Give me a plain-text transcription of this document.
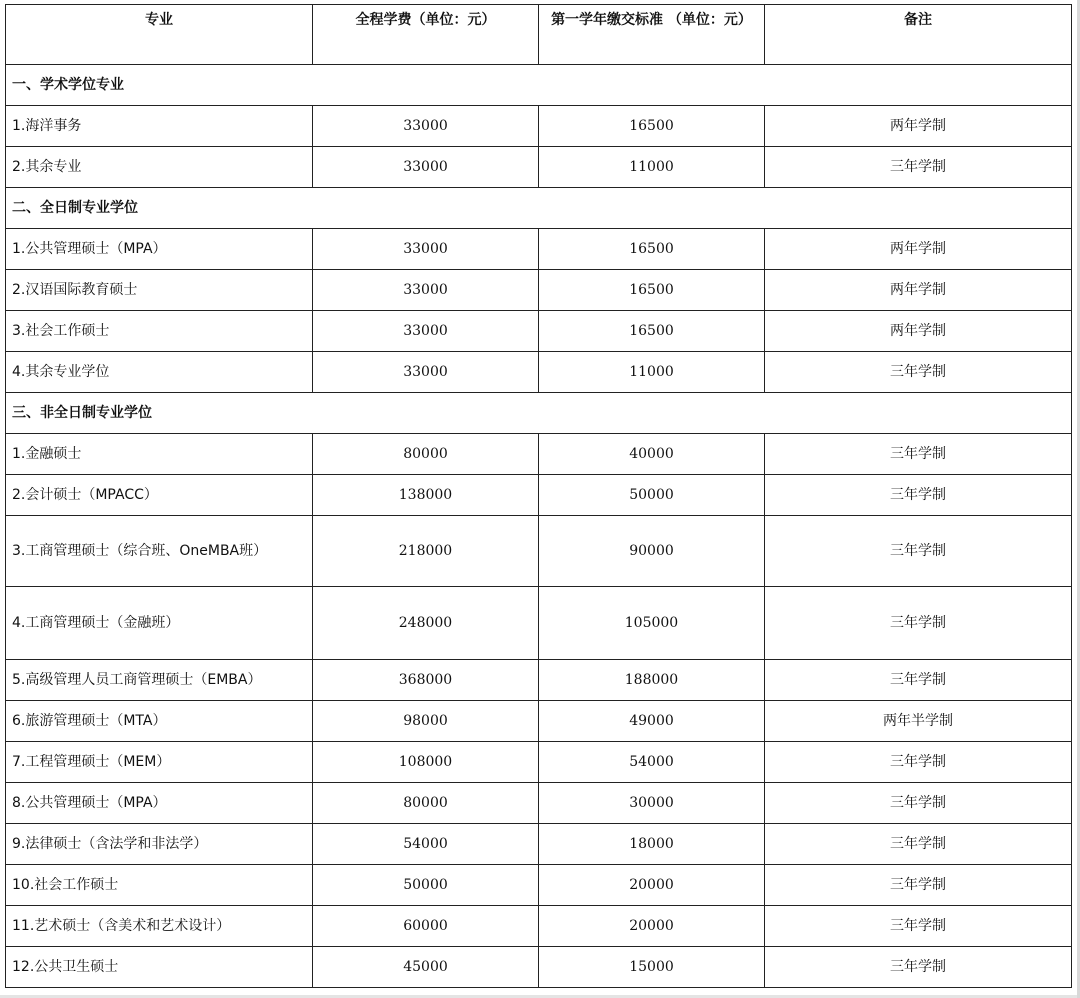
专业	全程学费（单位：元）	第一学年缴交标准 （单位：元）	备注
一、学术学位专业			
1.海洋事务	33000	16500	两年学制
2.其余专业	33000	11000	三年学制
二、全日制专业学位			
1.公共管理硕士（MPA）	33000	16500	两年学制
2.汉语国际教育硕士	33000	16500	两年学制
3.社会工作硕士	33000	16500	两年学制
4.其余专业学位	33000	11000	三年学制
三、非全日制专业学位			
1.金融硕士	80000	40000	三年学制
2.会计硕士（MPACC）	138000	50000	三年学制
3.工商管理硕士（综合班、OneMBA班）	218000	90000	三年学制
4.工商管理硕士（金融班）	248000	105000	三年学制
5.高级管理人员工商管理硕士（EMBA）	368000	188000	三年学制
6.旅游管理硕士（MTA）	98000	49000	两年半学制
7.工程管理硕士（MEM）	108000	54000	三年学制
8.公共管理硕士（MPA）	80000	30000	三年学制
9.法律硕士（含法学和非法学）	54000	18000	三年学制
10.社会工作硕士	50000	20000	三年学制
11.艺术硕士（含美术和艺术设计）	60000	20000	三年学制
12.公共卫生硕士	45000	15000	三年学制
